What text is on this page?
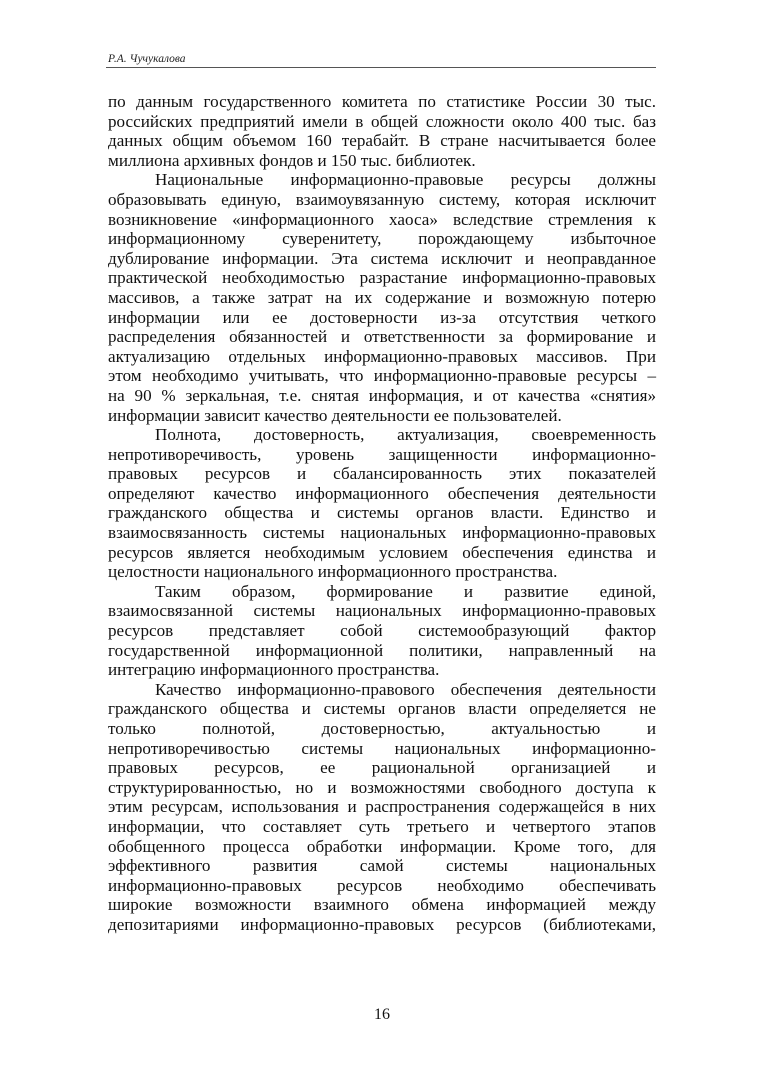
Р.А. Чучукалова
по данным государственного комитета по статистике России 30 тыс.
российских предприятий имели в общей сложности около 400 тыс. баз
данных общим объемом 160 терабайт. В стране насчитывается более
миллиона архивных фондов и 150 тыс. библиотек.
Национальные информационно-правовые ресурсы должны
образовывать единую, взаимоувязанную систему, которая исключит
возникновение «информационного хаоса» вследствие стремления к
информационному суверенитету, порождающему избыточное
дублирование информации. Эта система исключит и неоправданное
практической необходимостью разрастание информационно-правовых
массивов, а также затрат на их содержание и возможную потерю
информации или ее достоверности из-за отсутствия четкого
распределения обязанностей и ответственности за формирование и
актуализацию отдельных информационно-правовых массивов. При
этом необходимо учитывать, что информационно-правовые ресурсы –
на 90 % зеркальная, т.е. снятая информация, и от качества «снятия»
информации зависит качество деятельности ее пользователей.
Полнота, достоверность, актуализация, своевременность
непротиворечивость, уровень защищенности информационно-
правовых ресурсов и сбалансированность этих показателей
определяют качество информационного обеспечения деятельности
гражданского общества и системы органов власти. Единство и
взаимосвязанность системы национальных информационно-правовых
ресурсов является необходимым условием обеспечения единства и
целостности национального информационного пространства.
Таким образом, формирование и развитие единой,
взаимосвязанной системы национальных информационно-правовых
ресурсов представляет собой системообразующий фактор
государственной информационной политики, направленный на
интеграцию информационного пространства.
Качество информационно-правового обеспечения деятельности
гражданского общества и системы органов власти определяется не
только полнотой, достоверностью, актуальностью и
непротиворечивостью системы национальных информационно-
правовых ресурсов, ее рациональной организацией и
структурированностью, но и возможностями свободного доступа к
этим ресурсам, использования и распространения содержащейся в них
информации, что составляет суть третьего и четвертого этапов
обобщенного процесса обработки информации. Кроме того, для
эффективного развития самой системы национальных
информационно-правовых ресурсов необходимо обеспечивать
широкие возможности взаимного обмена информацией между
депозитариями информационно-правовых ресурсов (библиотеками,
16
